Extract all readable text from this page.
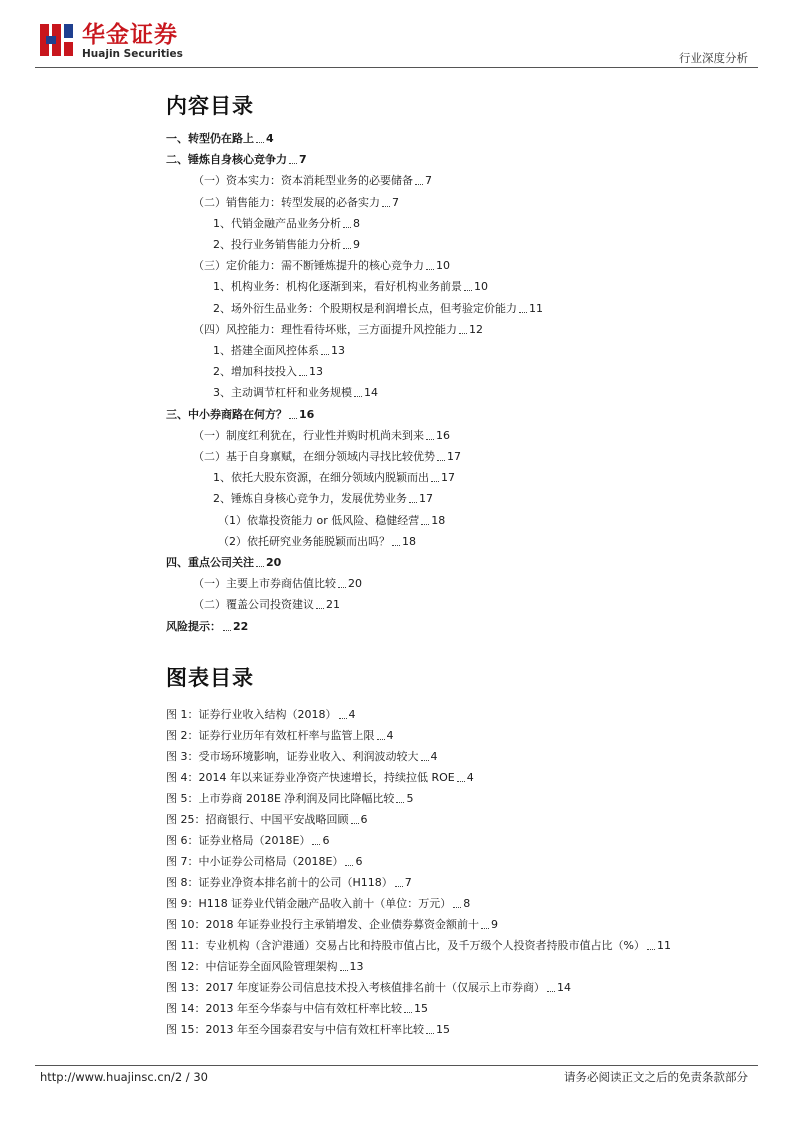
华金证券
Huajin Securities	行业深度分析
内容目录
一、转型仍在路上 4
二、锤炼自身核心竞争力 7
（一）资本实力：资本消耗型业务的必要储备 7
（二）销售能力：转型发展的必备实力 7
1、代销金融产品业务分析 8
2、投行业务销售能力分析 9
（三）定价能力：需不断锤炼提升的核心竞争力 10
1、机构业务：机构化逐渐到来，看好机构业务前景 10
2、场外衍生品业务：个股期权是利润增长点，但考验定价能力 11
（四）风控能力：理性看待坏账，三方面提升风控能力 12
1、搭建全面风控体系 13
2、增加科技投入 13
3、主动调节杠杆和业务规模 14
三、中小券商路在何方？ 16
（一）制度红利犹在，行业性并购时机尚未到来 16
（二）基于自身禀赋，在细分领域内寻找比较优势 17
1、依托大股东资源，在细分领域内脱颖而出 17
2、锤炼自身核心竞争力，发展优势业务 17
（1）依靠投资能力 or 低风险、稳健经营 18
（2）依托研究业务能脱颖而出吗？ 18
四、重点公司关注 20
（一）主要上市券商估值比较 20
（二）覆盖公司投资建议 21
风险提示： 22
图表目录
图 1：证券行业收入结构（2018） 4
图 2：证券行业历年有效杠杆率与监管上限 4
图 3：受市场环境影响，证券业收入、利润波动较大 4
图 4：2014 年以来证券业净资产快速增长，持续拉低 ROE 4
图 5：上市券商 2018E 净利润及同比降幅比较 5
图 25：招商银行、中国平安战略回顾 6
图 6：证券业格局（2018E） 6
图 7：中小证券公司格局（2018E） 6
图 8：证券业净资本排名前十的公司（H118） 7
图 9：H118 证券业代销金融产品收入前十（单位：万元） 8
图 10：2018 年证券业投行主承销增发、企业债券募资金额前十 9
图 11：专业机构（含沪港通）交易占比和持股市值占比，及千万级个人投资者持股市值占比（%） 11
图 12：中信证券全面风险管理架构 13
图 13：2017 年度证券公司信息技术投入考核值排名前十（仅展示上市券商） 14
图 14：2013 年至今华泰与中信有效杠杆率比较 15
图 15：2013 年至今国泰君安与中信有效杠杆率比较 15
http://www.huajinsc.cn/2 / 30	请务必阅读正文之后的免责条款部分
